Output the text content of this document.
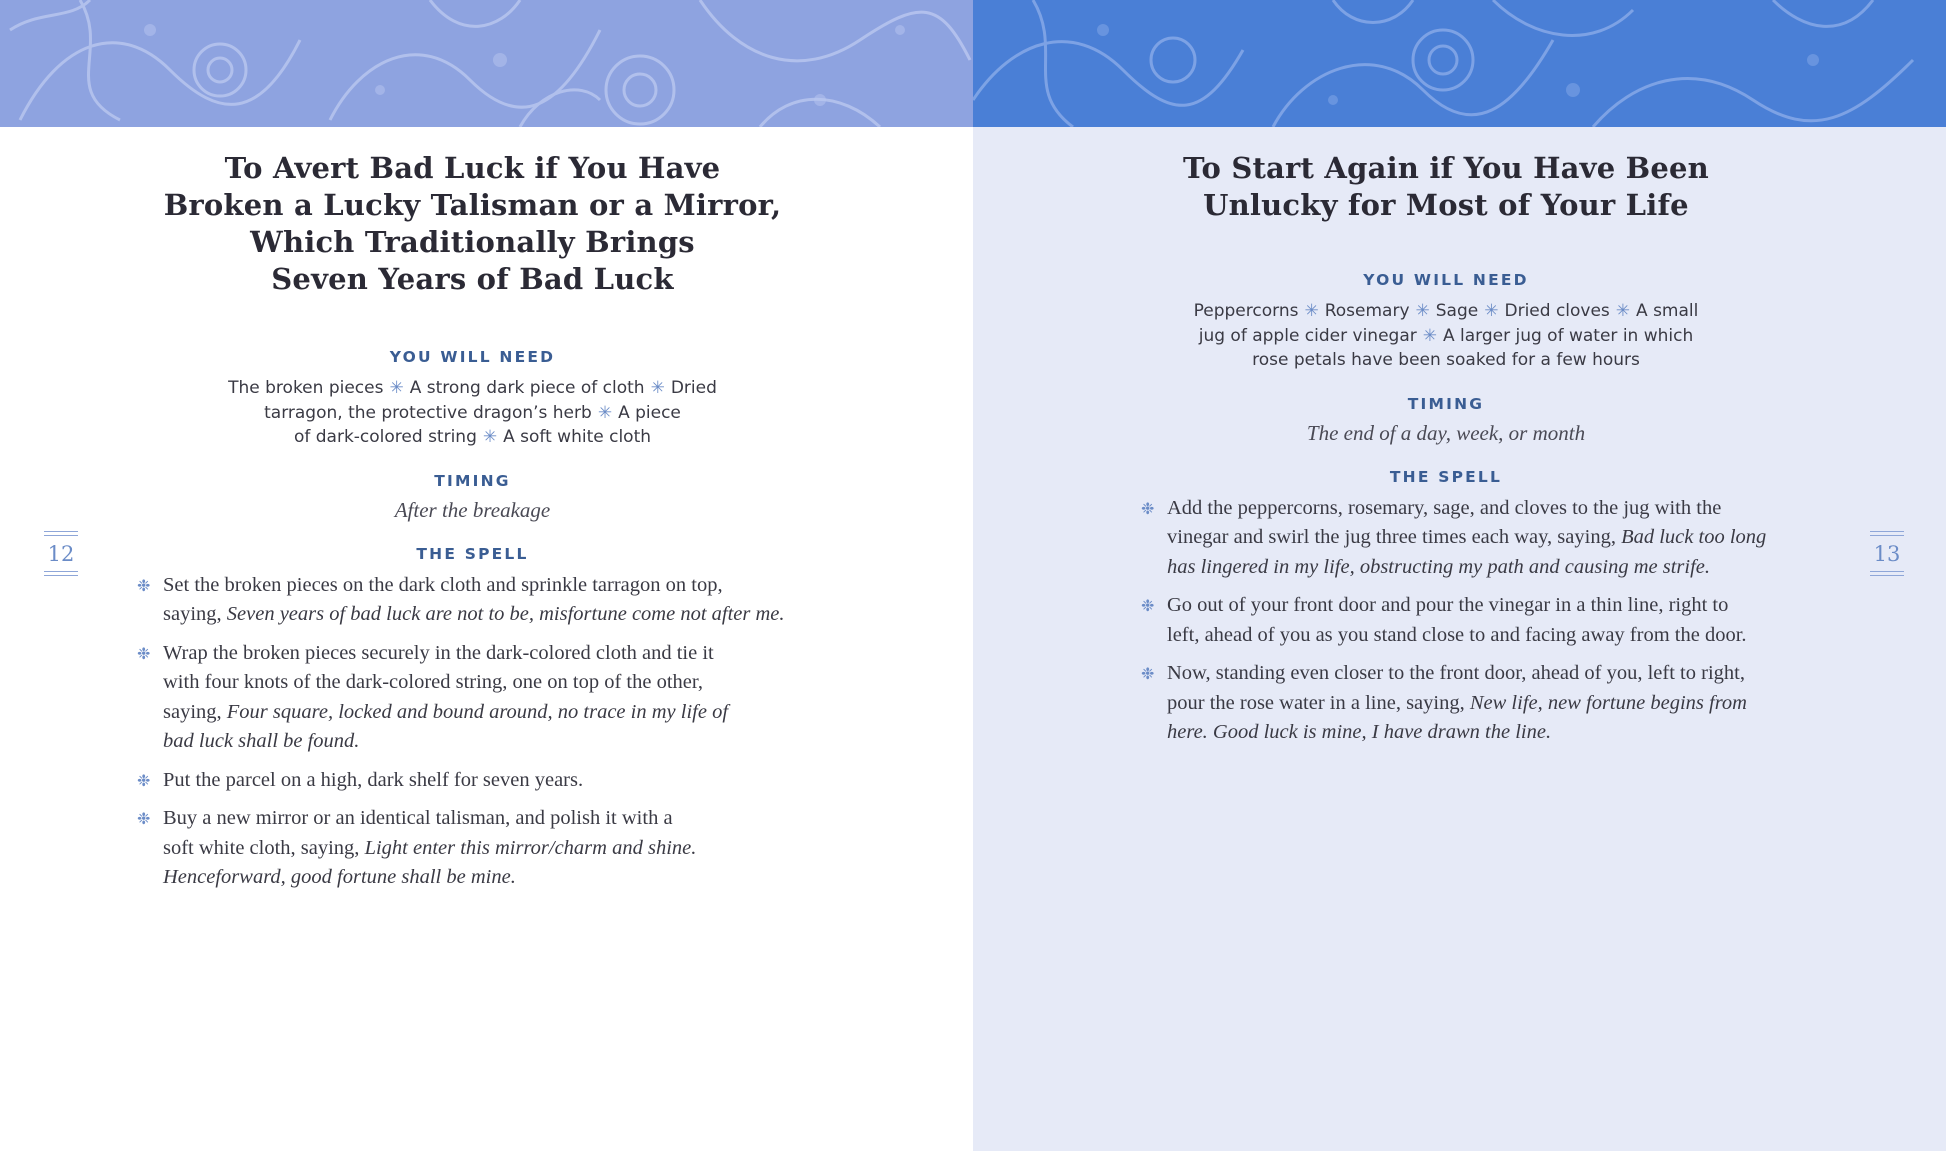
To Avert Bad Luck if You Have
Broken a Lucky Talisman or a Mirror,
Which Traditionally Brings
Seven Years of Bad Luck
YOU WILL NEED
The broken pieces ✳ A strong dark piece of cloth ✳ Dried
tarragon, the protective dragon’s herb ✳ A piece
of dark-colored string ✳ A soft white cloth
TIMING
After the breakage
THE SPELL
❉ Set the broken pieces on the dark cloth and sprinkle tarragon on top,
saying, Seven years of bad luck are not to be, misfortune come not after me.
❉ Wrap the broken pieces securely in the dark-colored cloth and tie it
with four knots of the dark-colored string, one on top of the other,
saying, Four square, locked and bound around, no trace in my life of
bad luck shall be found.
❉ Put the parcel on a high, dark shelf for seven years.
❉ Buy a new mirror or an identical talisman, and polish it with a
soft white cloth, saying, Light enter this mirror/charm and shine.
Henceforward, good fortune shall be mine.
12
To Start Again if You Have Been
Unlucky for Most of Your Life
YOU WILL NEED
Peppercorns ✳ Rosemary ✳ Sage ✳ Dried cloves ✳ A small
jug of apple cider vinegar ✳ A larger jug of water in which
rose petals have been soaked for a few hours
TIMING
The end of a day, week, or month
THE SPELL
❉ Add the peppercorns, rosemary, sage, and cloves to the jug with the
vinegar and swirl the jug three times each way, saying, Bad luck too long
has lingered in my life, obstructing my path and causing me strife.
❉ Go out of your front door and pour the vinegar in a thin line, right to
left, ahead of you as you stand close to and facing away from the door.
❉ Now, standing even closer to the front door, ahead of you, left to right,
pour the rose water in a line, saying, New life, new fortune begins from
here. Good luck is mine, I have drawn the line.
13
